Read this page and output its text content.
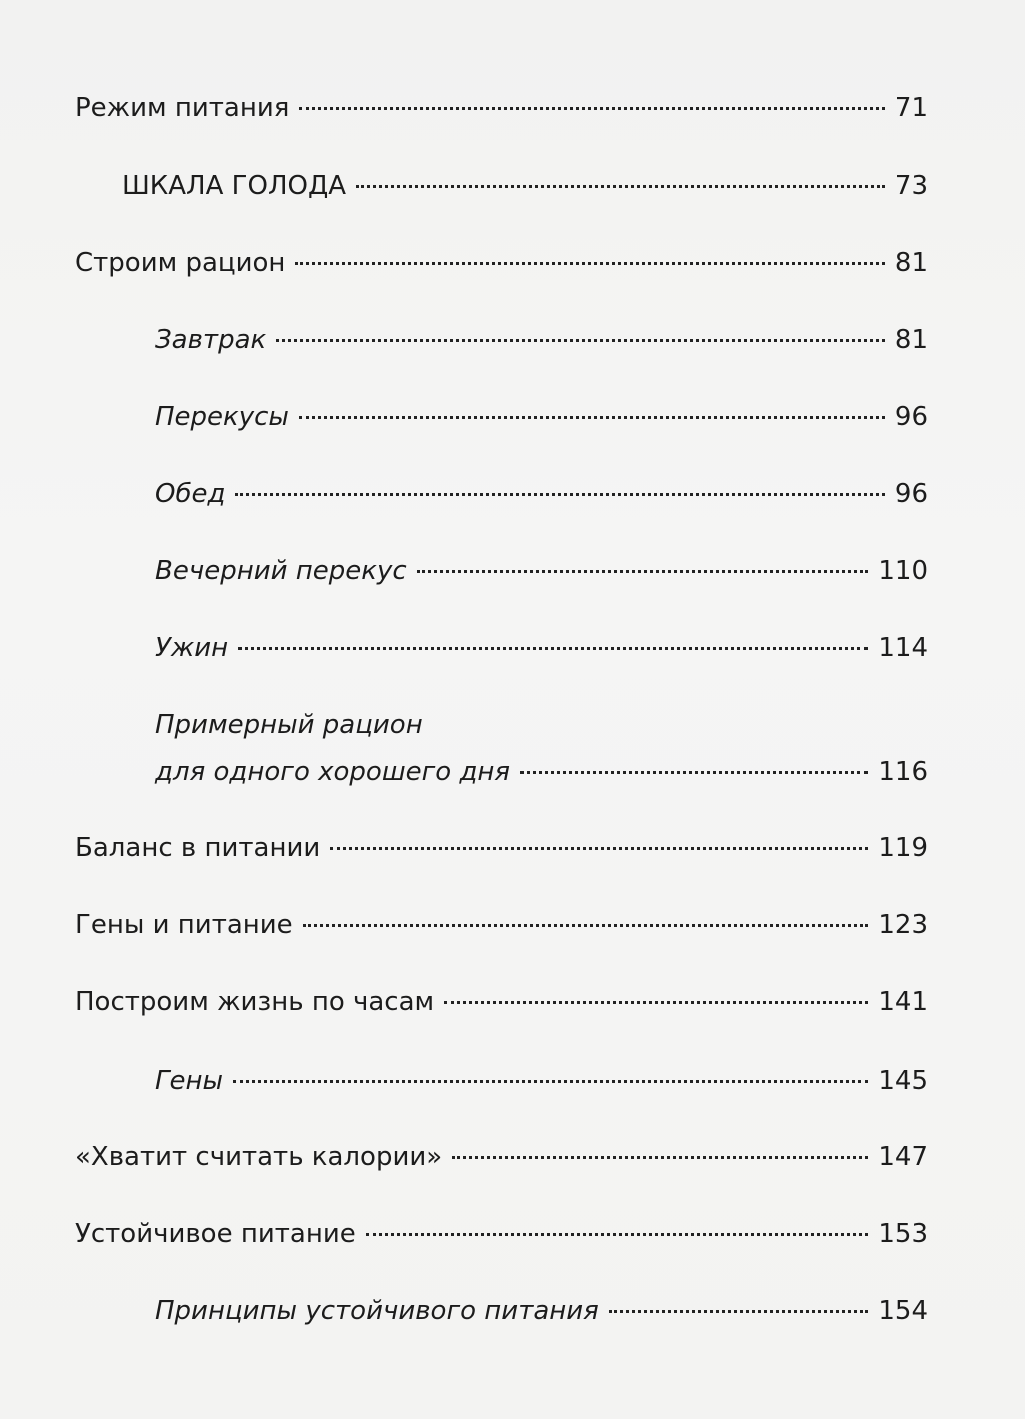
Режим питания	71
ШКАЛА ГОЛОДА	73
Строим рацион	81
Завтрак	81
Перекусы	96
Обед	96
Вечерний перекус	110
Ужин	114
Примерный рацион
для одного хорошего дня	116
Баланс в питании	119
Гены и питание	123
Построим жизнь по часам	141
Гены	145
«Хватит считать калории»	147
Устойчивое питание	153
Принципы устойчивого питания	154
